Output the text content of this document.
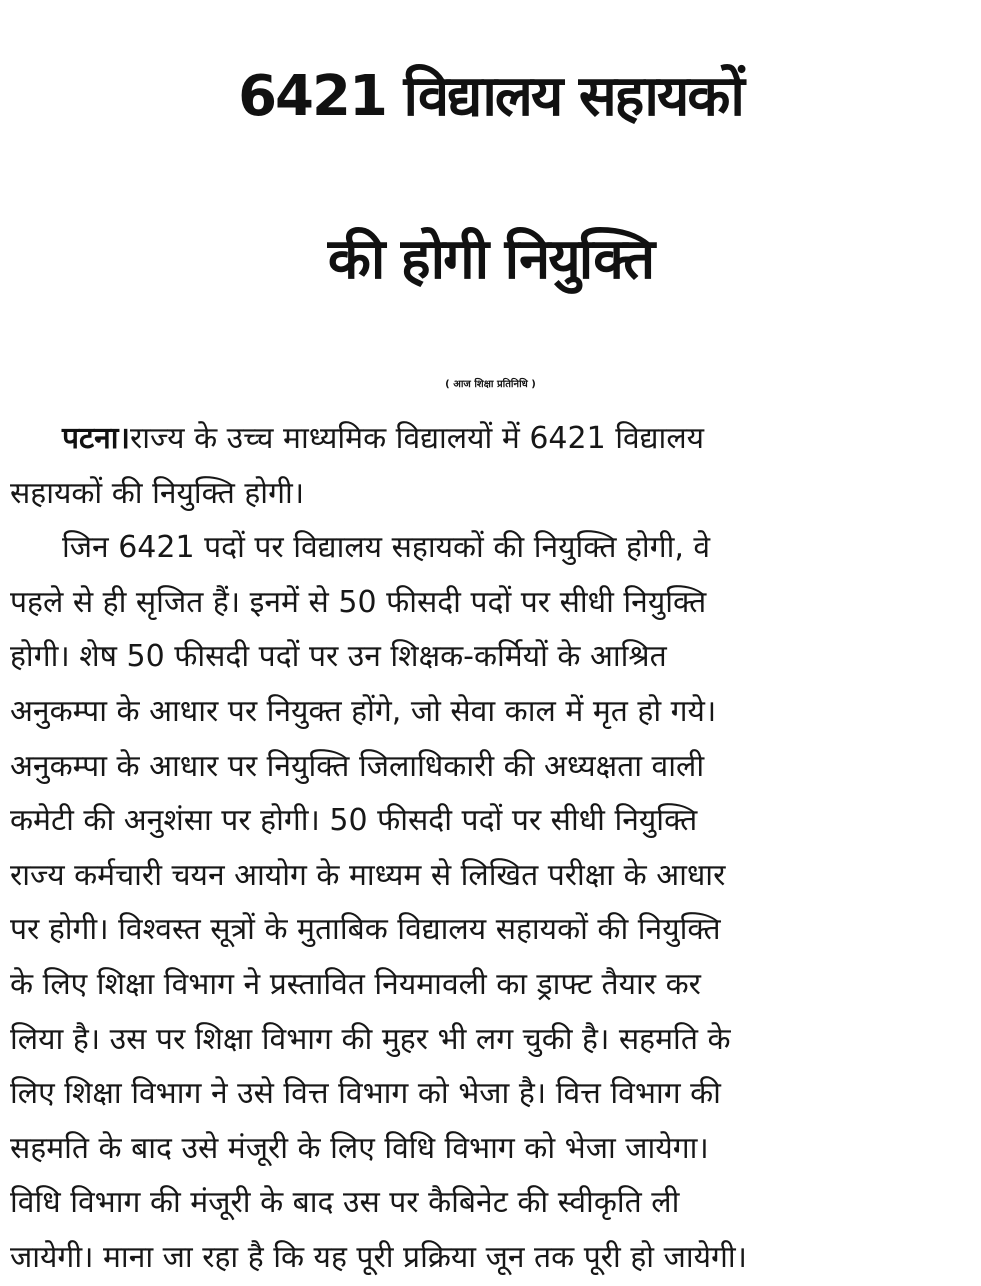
6421 विद्यालय सहायकों
की होगी नियुक्ति
( आज शिक्षा प्रतिनिधि )
पटना।राज्य के उच्च माध्यमिक विद्यालयों में 6421 विद्यालय
सहायकों की नियुक्ति होगी।
जिन 6421 पदों पर विद्यालय सहायकों की नियुक्ति होगी, वे
पहले से ही सृजित हैं। इनमें से 50 फीसदी पदों पर सीधी नियुक्ति
होगी। शेष 50 फीसदी पदों पर उन शिक्षक-कर्मियों के आश्रित
अनुकम्पा के आधार पर नियुक्त होंगे, जो सेवा काल में मृत हो गये।
अनुकम्पा के आधार पर नियुक्ति जिलाधिकारी की अध्यक्षता वाली
कमेटी की अनुशंसा पर होगी। 50 फीसदी पदों पर सीधी नियुक्ति
राज्य कर्मचारी चयन आयोग के माध्यम से लिखित परीक्षा के आधार
पर होगी। विश्वस्त सूत्रों के मुताबिक विद्यालय सहायकों की नियुक्ति
के लिए शिक्षा विभाग ने प्रस्तावित नियमावली का ड्राफ्ट तैयार कर
लिया है। उस पर शिक्षा विभाग की मुहर भी लग चुकी है। सहमति के
लिए शिक्षा विभाग ने उसे वित्त विभाग को भेजा है। वित्त विभाग की
सहमति के बाद उसे मंजूरी के लिए विधि विभाग को भेजा जायेगा।
विधि विभाग की मंजूरी के बाद उस पर कैबिनेट की स्वीकृति ली
जायेगी। माना जा रहा है कि यह पूरी प्रक्रिया जून तक पूरी हो जायेगी।
